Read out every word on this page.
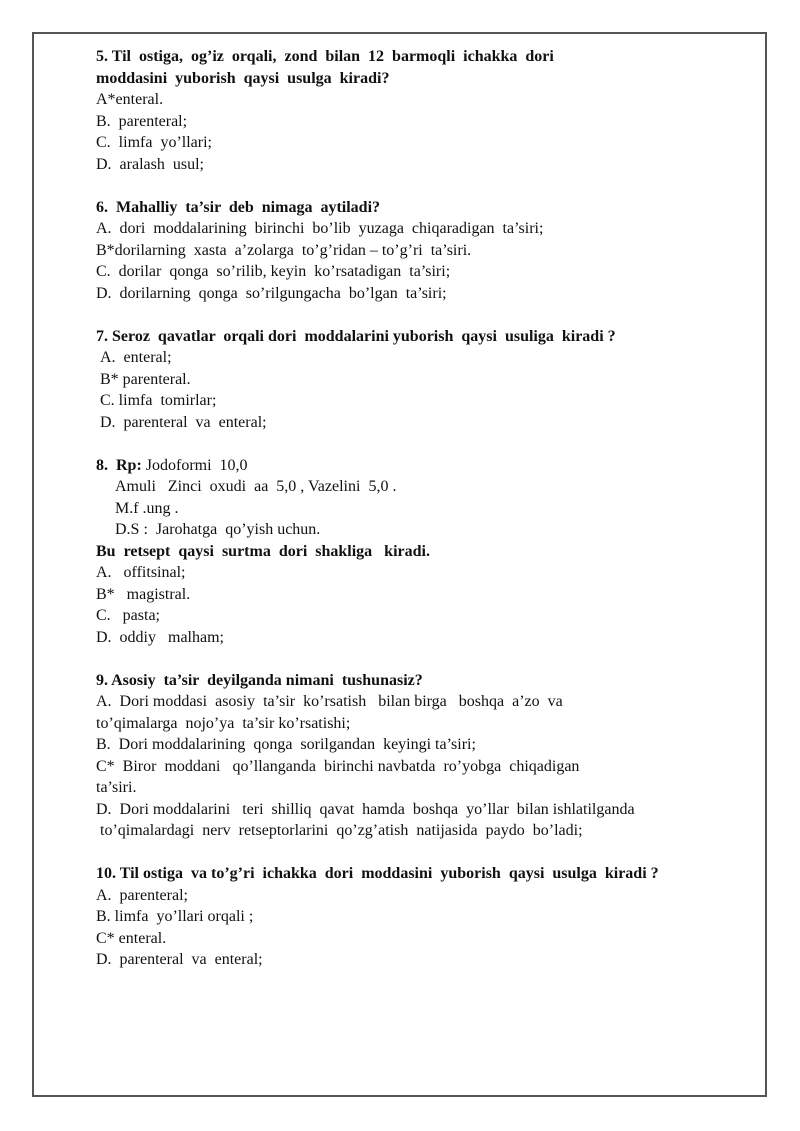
5. Til  ostiga,  og’iz  orqali,  zond  bilan  12  barmoqli  ichakka  dori
moddasini  yuborish  qaysi  usulga  kiradi?
A*enteral.
B.  parenteral;
C.  limfa  yo’llari;
D.  aralash  usul;
6.  Mahalliy  ta’sir  deb  nimaga  aytiladi?
A.  dori  moddalarining  birinchi  bo’lib  yuzaga  chiqaradigan  ta’siri;
B*dorilarning  xasta  a’zolarga  to’g’ridan – to’g’ri  ta’siri.
C.  dorilar  qonga  so’rilib, keyin  ko’rsatadigan  ta’siri;
D.  dorilarning  qonga  so’rilgungacha  bo’lgan  ta’siri;
7. Seroz  qavatlar  orqali dori  moddalarini yuborish  qaysi  usuliga  kiradi ?
A.  enteral;
B* parenteral.
C. limfa  tomirlar;
D.  parenteral  va  enteral;
8.  Rp: Jodoformi  10,0
Amuli   Zinci  oxudi  aa  5,0 , Vazelini  5,0 .
M.f .ung .
D.S :  Jarohatga  qo’yish uchun.
Bu  retsept  qaysi  surtma  dori  shakliga   kiradi.
A.   offitsinal;
B*   magistral.
C.   pasta;
D.  oddiy   malham;
9. Asosiy  ta’sir  deyilganda nimani  tushunasiz?
A.  Dori moddasi  asosiy  ta’sir  ko’rsatish   bilan birga   boshqa  a’zo  va
to’qimalarga  nojo’ya  ta’sir ko’rsatishi;
B.  Dori moddalarining  qonga  sorilgandan  keyingi ta’siri;
C*  Biror  moddani   qo’llanganda  birinchi navbatda  ro’yobga  chiqadigan
ta’siri.
D.  Dori moddalarini   teri  shilliq  qavat  hamda  boshqa  yo’llar  bilan ishlatilganda
to’qimalardagi  nerv  retseptorlarini  qo’zg’atish  natijasida  paydo  bo’ladi;
10. Til ostiga  va to’g’ri  ichakka  dori  moddasini  yuborish  qaysi  usulga  kiradi ?
A.  parenteral;
B. limfa  yo’llari orqali ;
C* enteral.
D.  parenteral  va  enteral;
